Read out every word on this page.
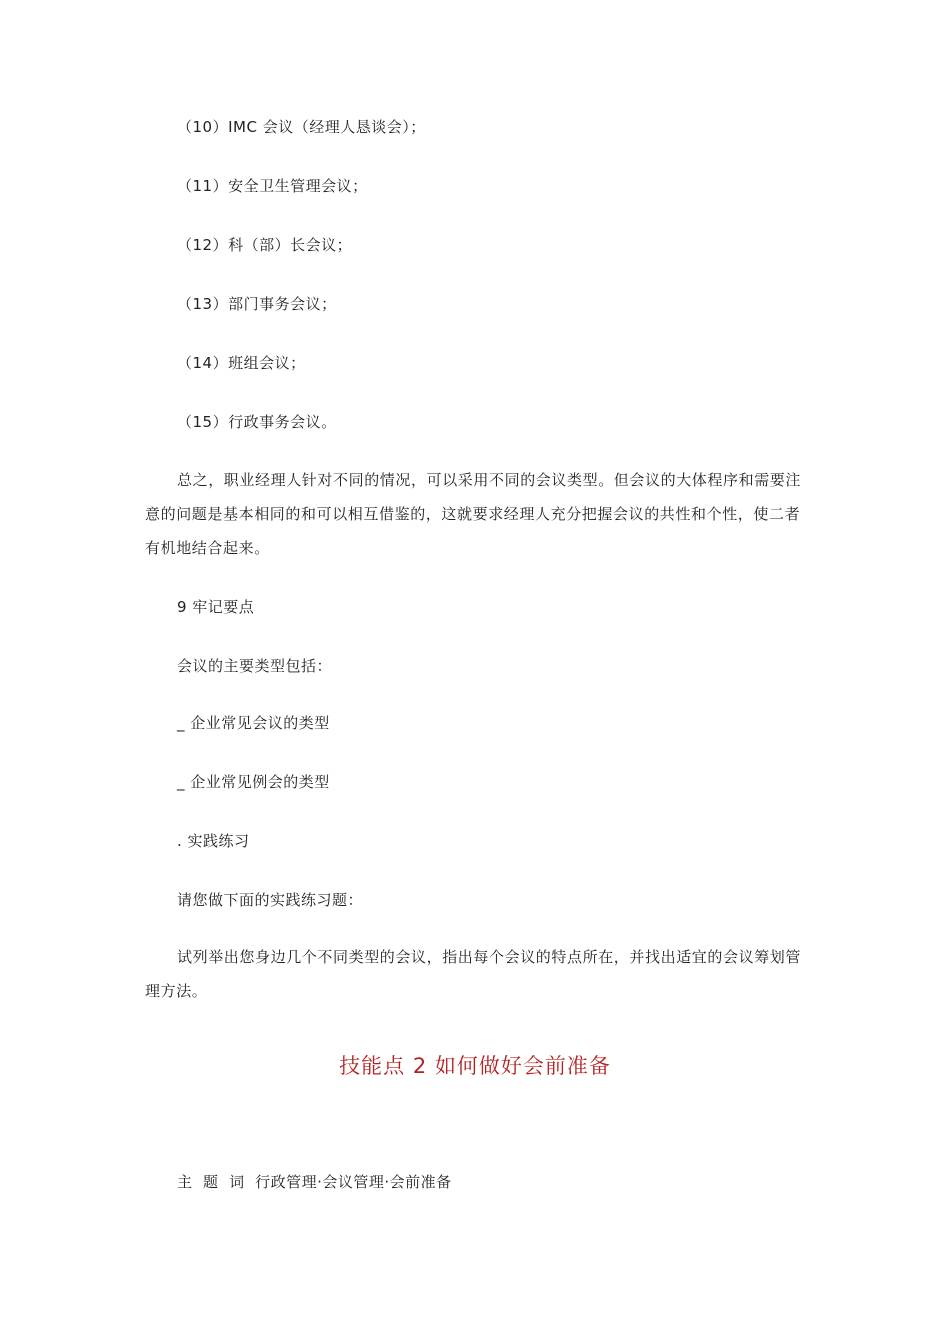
（10）IMC 会议（经理人恳谈会）；
（11）安全卫生管理会议；
（12）科（部）长会议；
（13）部门事务会议；
（14）班组会议；
（15）行政事务会议。
总之，职业经理人针对不同的情况，可以采用不同的会议类型。但会议的大体程序和需要注意的问题是基本相同的和可以相互借鉴的，这就要求经理人充分把握会议的共性和个性，使二者有机地结合起来。
9 牢记要点
会议的主要类型包括：
_ 企业常见会议的类型
_ 企业常见例会的类型
. 实践练习
请您做下面的实践练习题：
试列举出您身边几个不同类型的会议，指出每个会议的特点所在，并找出适宜的会议筹划管理方法。
技能点 2 如何做好会前准备
主  题  词  行政管理·会议管理·会前准备
